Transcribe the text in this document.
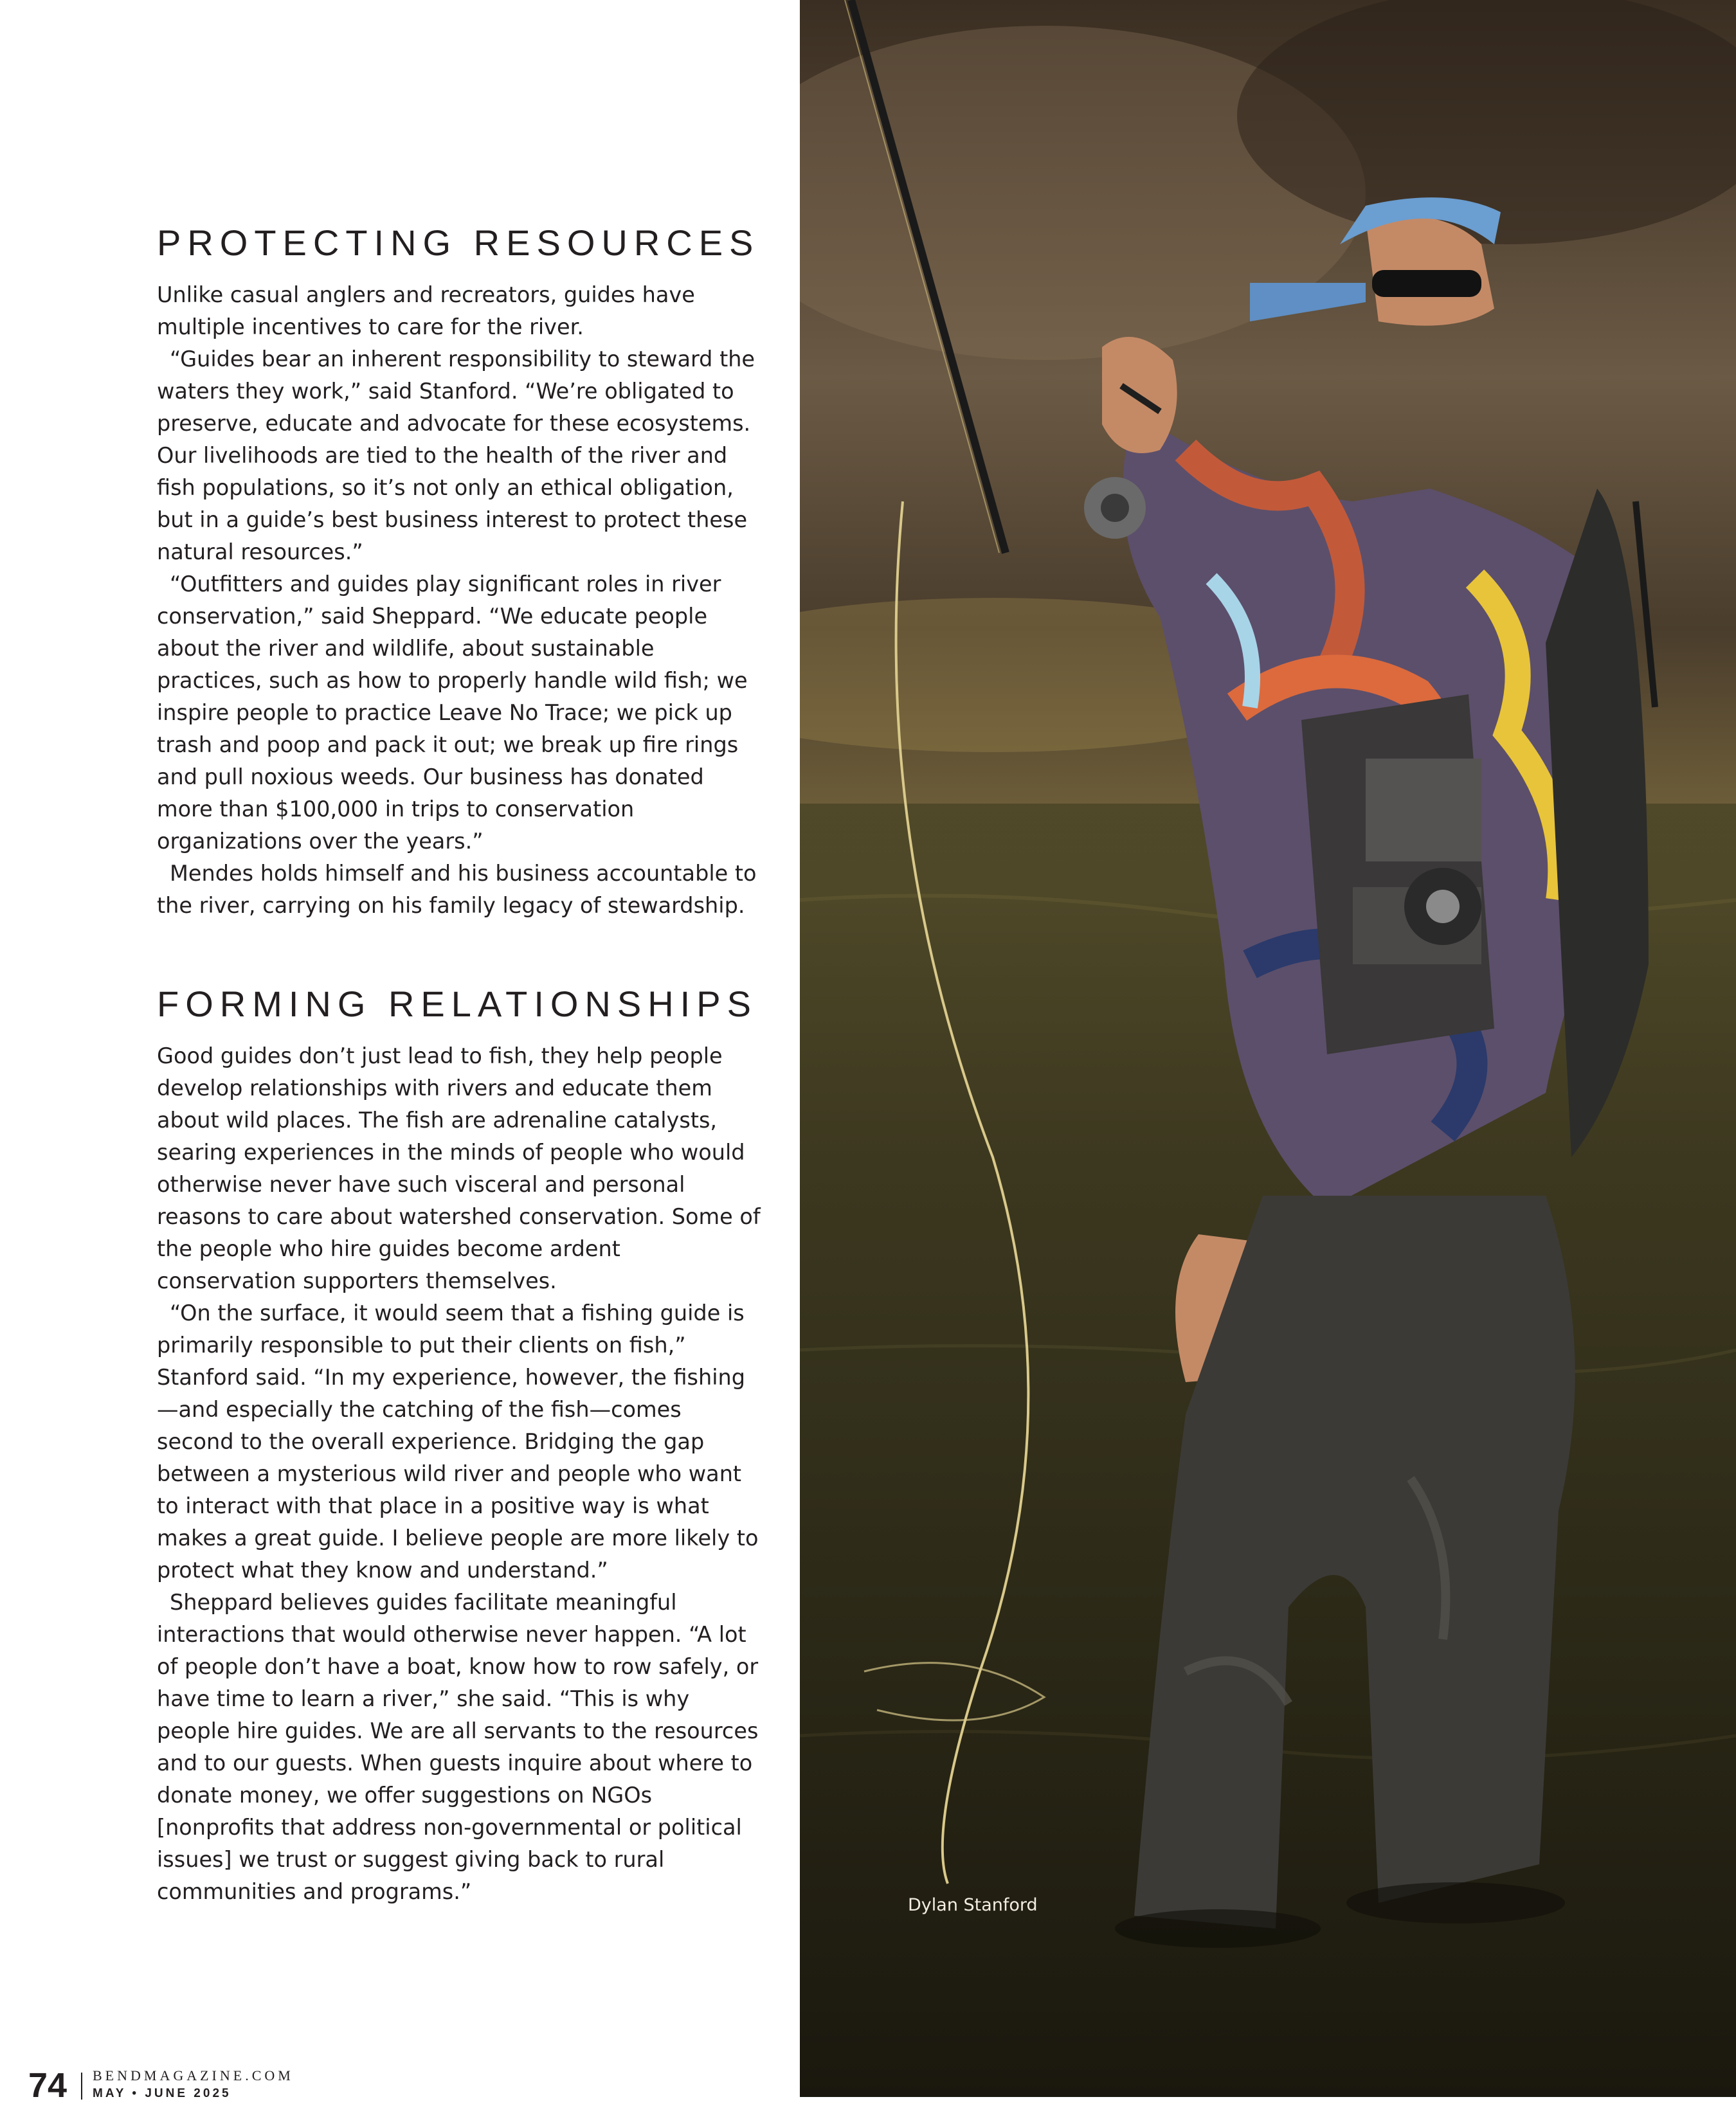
PROTECTING RESOURCES

Unlike casual anglers and recreators, guides have multiple incentives to care for the river.

“Guides bear an inherent responsibility to steward the waters they work,” said Stanford. “We’re obligated to preserve, educate and advocate for these ecosystems. Our livelihoods are tied to the health of the river and fish populations, so it’s not only an ethical obligation, but in a guide’s best business interest to protect these natural resources.”

“Outfitters and guides play significant roles in river conservation,” said Sheppard. “We educate people about the river and wildlife, about sustainable practices, such as how to properly handle wild fish; we inspire people to practice Leave No Trace; we pick up trash and poop and pack it out; we break up fire rings and pull noxious weeds. Our business has donated more than $100,000 in trips to conservation organizations over the years.”

Mendes holds himself and his business accountable to the river, carrying on his family legacy of stewardship.

FORMING RELATIONSHIPS

Good guides don’t just lead to fish, they help people develop relationships with rivers and educate them about wild places. The fish are adrenaline catalysts, searing experiences in the minds of people who would otherwise never have such visceral and personal reasons to care about watershed conservation. Some of the people who hire guides become ardent conservation supporters themselves.

“On the surface, it would seem that a fishing guide is primarily responsible to put their clients on fish,” Stanford said. “In my experience, however, the fishing—and especially the catching of the fish—comes second to the overall experience. Bridging the gap between a mysterious wild river and people who want to interact with that place in a positive way is what makes a great guide. I believe people are more likely to protect what they know and understand.”

Sheppard believes guides facilitate meaningful interactions that would otherwise never happen. “A lot of people don’t have a boat, know how to row safely, or have time to learn a river,” she said. “This is why people hire guides. We are all servants to the resources and to our guests. When guests inquire about where to donate money, we offer suggestions on NGOs [nonprofits that address non-governmental or political issues] we trust or suggest giving back to rural communities and programs.”

Dylan Stanford
74 BENDMAGAZINE.COM
MAY • JUNE 2025
